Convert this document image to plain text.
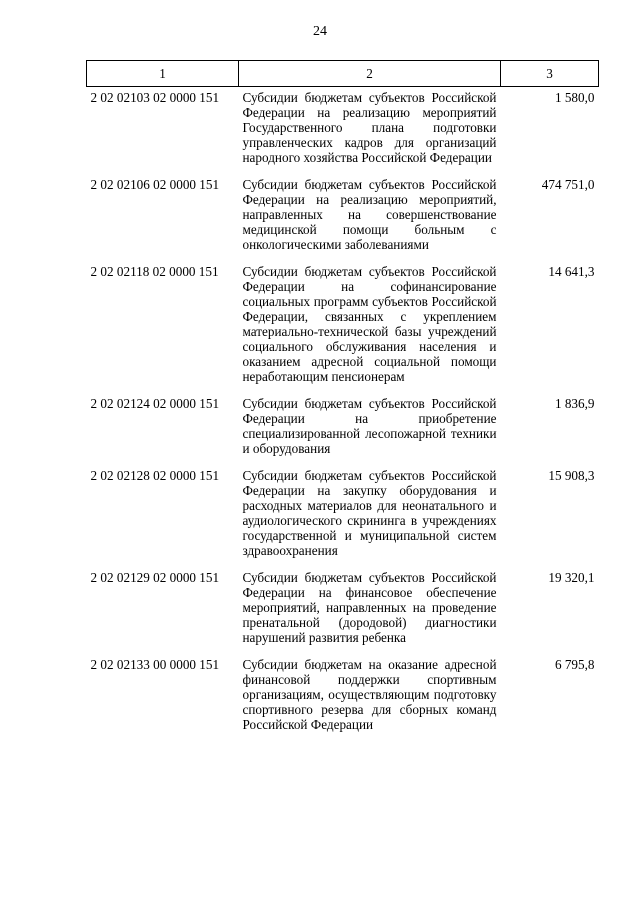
24
1	2	3
2 02 02103 02 0000 151	Субсидии бюджетам субъектов Российской Федерации на реализацию мероприятий Государственного плана подготовки управленческих кадров для организаций народного хозяйства Российской Федерации	1 580,0
2 02 02106 02 0000 151	Субсидии бюджетам субъектов Российской Федерации на реализацию мероприятий, направленных на совершенствование медицинской помощи больным с онкологическими заболеваниями	474 751,0
2 02 02118 02 0000 151	Субсидии бюджетам субъектов Российской Федерации на софинансирование социальных программ субъектов Российской Федерации, связанных с укреплением материально-технической базы учреждений социального обслуживания населения и оказанием адресной социальной помощи неработающим пенсионерам	14 641,3
2 02 02124 02 0000 151	Субсидии бюджетам субъектов Российской Федерации на приобретение специализированной лесопожарной техники и оборудования	1 836,9
2 02 02128 02 0000 151	Субсидии бюджетам субъектов Российской Федерации на закупку оборудования и расходных материалов для неонатального и аудиологического скрининга в учреждениях государственной и муниципальной систем здравоохранения	15 908,3
2 02 02129 02 0000 151	Субсидии бюджетам субъектов Российской Федерации на финансовое обеспечение мероприятий, направленных на проведение пренатальной (дородовой) диагностики нарушений развития ребенка	19 320,1
2 02 02133 00 0000 151	Субсидии бюджетам на оказание адресной финансовой поддержки спортивным организациям, осуществляющим подготовку спортивного резерва для сборных команд Российской Федерации	6 795,8
